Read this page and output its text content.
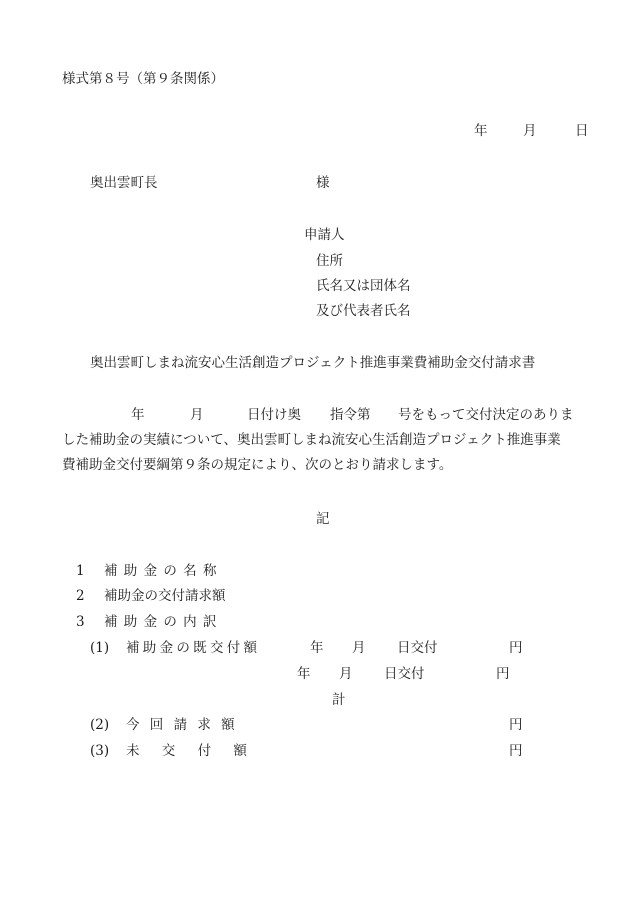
様式第８号（第９条関係）
年	月	日
奥出雲町長	様
申請人
住所
氏名又は団体名
及び代表者氏名
奥出雲町しまね流安心生活創造プロジェクト推進事業費補助金交付請求書
年	月	日付け奥 指令第 号をもって交付決定のありま
した補助金の実績について、奥出雲町しまね流安心生活創造プロジェクト推進事業
費補助金交付要綱第９条の規定により、次のとおり請求します。
記
1 補 助 金 の 名 称
2 補助金の交付請求額
3 補 助 金 の 内 訳
(1) 補 助 金 の 既 交 付 額	年 月 日交付	円
年 月 日交付	円
計
(2) 今 回 請 求 額	円
(3) 未 交 付 額	円
